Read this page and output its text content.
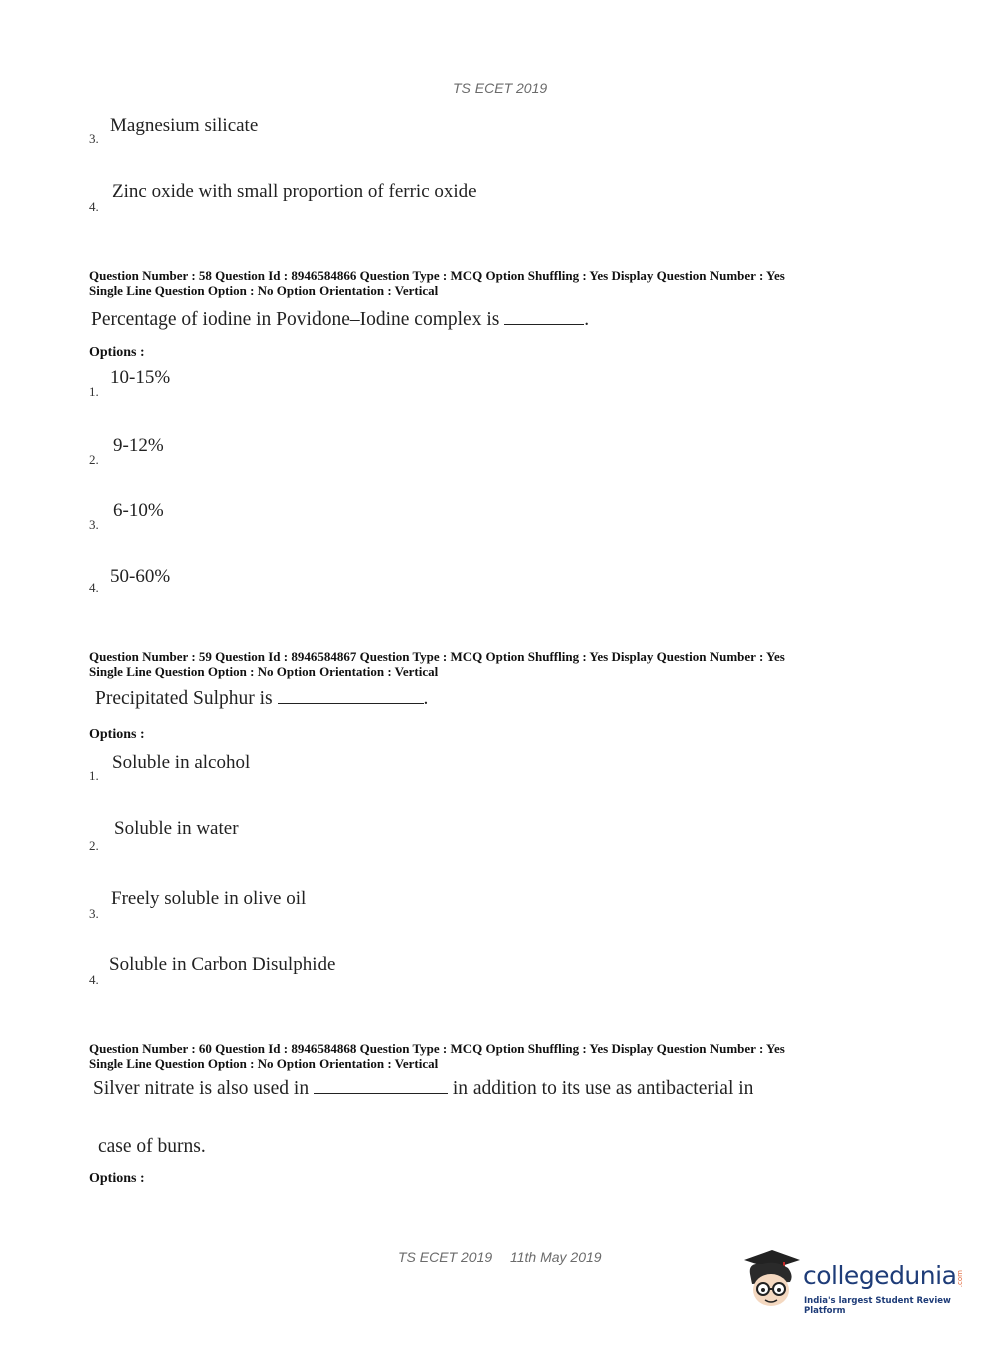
TS ECET 2019
3.
Magnesium silicate
4.
Zinc oxide with small proportion of ferric oxide
Question Number : 58 Question Id : 8946584866 Question Type : MCQ Option Shuffling : Yes Display Question Number : Yes
Single Line Question Option : No Option Orientation : Vertical
Percentage of iodine in Povidone–Iodine complex is	.
Options :
1.
10-15%
2.
9-12%
3.
6-10%
4.
50-60%
Question Number : 59 Question Id : 8946584867 Question Type : MCQ Option Shuffling : Yes Display Question Number : Yes
Single Line Question Option : No Option Orientation : Vertical
Precipitated Sulphur is	.
Options :
1.
Soluble in alcohol
2.
Soluble in water
3.
Freely soluble in olive oil
4.
Soluble in Carbon Disulphide
Question Number : 60 Question Id : 8946584868 Question Type : MCQ Option Shuffling : Yes Display Question Number : Yes
Single Line Question Option : No Option Orientation : Vertical
Silver nitrate is also used in	in addition to its use as antibacterial in
case of burns.
Options :
TS ECET 2019 11th May 2019
collegedunia .com
India's largest Student Review Platform
